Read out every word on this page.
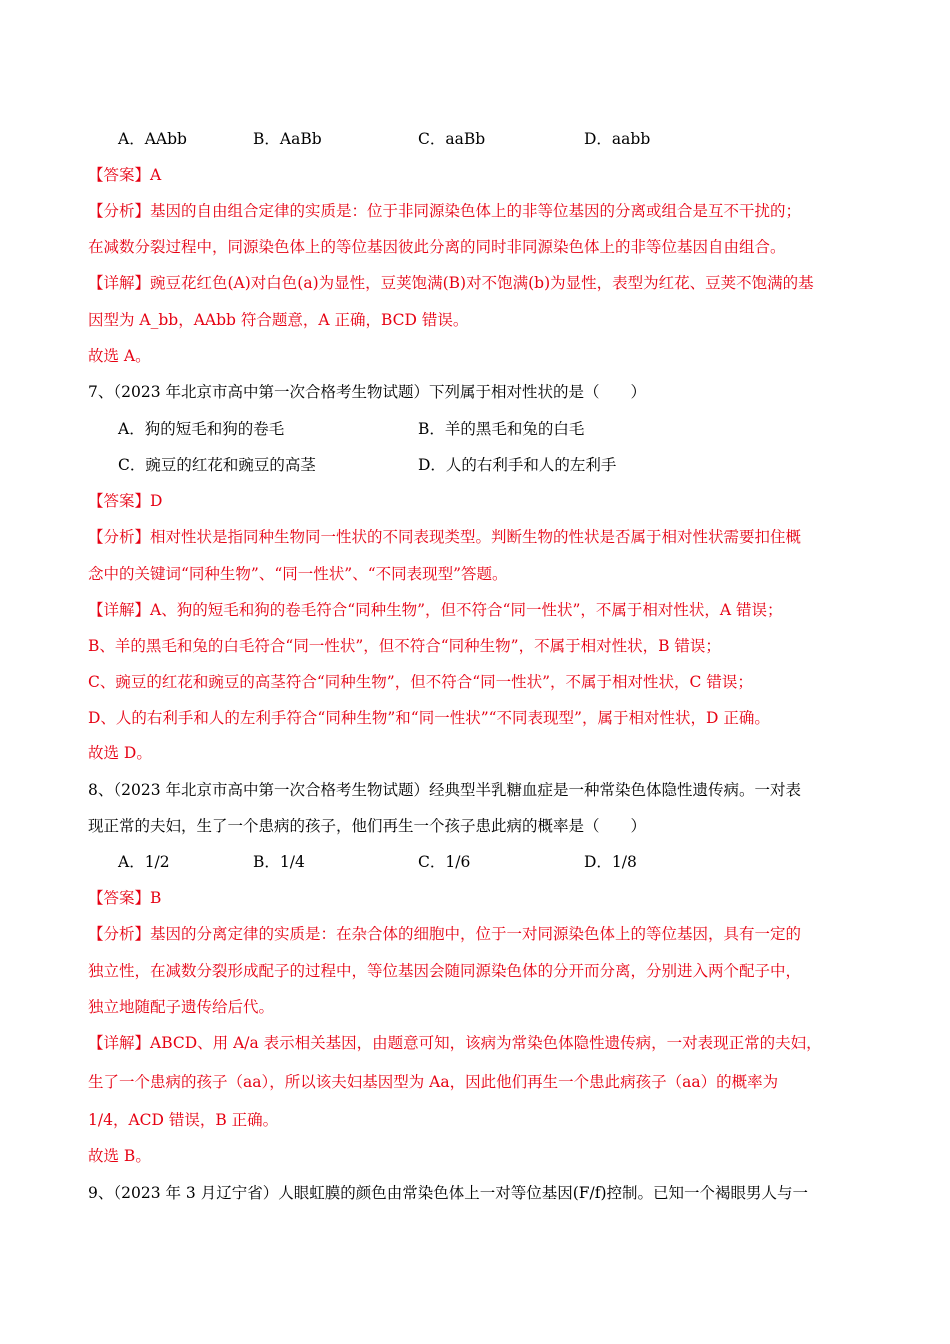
A．AAbb	B．AaBb	C．aaBb	D．aabb
【答案】A
【分析】基因的自由组合定律的实质是：位于非同源染色体上的非等位基因的分离或组合是互不干扰的；
在减数分裂过程中，同源染色体上的等位基因彼此分离的同时非同源染色体上的非等位基因自由组合。
【详解】豌豆花红色(A)对白色(a)为显性，豆荚饱满(B)对不饱满(b)为显性，表型为红花、豆荚不饱满的基
因型为 A_bb，AAbb 符合题意，A 正确，BCD 错误。
故选 A。
7、（2023 年北京市高中第一次合格考生物试题）下列属于相对性状的是（　　）
A．狗的短毛和狗的卷毛	B．羊的黑毛和兔的白毛
C．豌豆的红花和豌豆的高茎	D．人的右利手和人的左利手
【答案】D
【分析】相对性状是指同种生物同一性状的不同表现类型。判断生物的性状是否属于相对性状需要扣住概
念中的关键词“同种生物”、“同一性状”、“不同表现型”答题。
【详解】A、狗的短毛和狗的卷毛符合“同种生物”，但不符合“同一性状”，不属于相对性状，A 错误；
B、羊的黑毛和兔的白毛符合“同一性状”，但不符合“同种生物”，不属于相对性状，B 错误；
C、豌豆的红花和豌豆的高茎符合“同种生物”，但不符合“同一性状”，不属于相对性状，C 错误；
D、人的右利手和人的左利手符合“同种生物”和“同一性状”“不同表现型”，属于相对性状，D 正确。
故选 D。
8、（2023 年北京市高中第一次合格考生物试题）经典型半乳糖血症是一种常染色体隐性遗传病。一对表
现正常的夫妇，生了一个患病的孩子，他们再生一个孩子患此病的概率是（　　）
A．1/2	B．1/4	C．1/6	D．1/8
【答案】B
【分析】基因的分离定律的实质是：在杂合体的细胞中，位于一对同源染色体上的等位基因，具有一定的
独立性，在减数分裂形成配子的过程中，等位基因会随同源染色体的分开而分离，分别进入两个配子中，
独立地随配子遗传给后代。
【详解】ABCD、用 A/a 表示相关基因，由题意可知，该病为常染色体隐性遗传病，一对表现正常的夫妇，
生了一个患病的孩子（aa），所以该夫妇基因型为 Aa，因此他们再生一个患此病孩子（aa）的概率为
1/4，ACD 错误，B 正确。
故选 B。
9、（2023 年 3 月辽宁省）人眼虹膜的颜色由常染色体上一对等位基因(F/f)控制。已知一个褐眼男人与一
